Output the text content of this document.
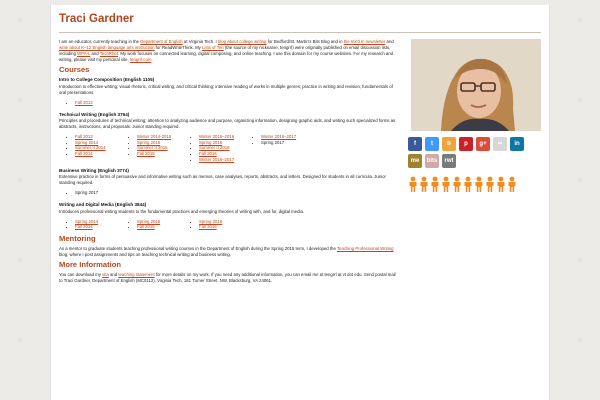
Traci Gardner

I am an educator, currently teaching in the Department of English at Virginia Tech. I blog about college writing for Bedford/St. Martin's Bits Blog and in the Ink'd In newsletter and write about K–12 English language arts instruction for ReadWriteThink. My Lists of Ten (the source of my nickname, tengrrl) were originally published on email discussion lists, including WPA-L and TechRhet. My work focuses on connected learning, digital composing, and online teaching. I use this domain for my course websites. For my research and writing, please visit my personal site, tengrrl.com.

Courses
Intro to College Composition (English 1105)
Introduction to effective writing; visual rhetoric, critical writing, and critical thinking; intensive reading of works in multiple genres; practice in writing and revision; fundamentals of oral presentations.
• Fall 2013
Technical Writing (English 3764)
Principles and procedures of technical writing; attention to analyzing audience and purpose, organizing information, designing graphic aids, and writing such specialized forms as abstracts, instructions, and proposals. Junior standing required.
• Fall 2013
• Spring 2014
• Summer II 2014
• Fall 2014
• Winter 2014-2015
• Spring 2015
• Summer II 2015
• Fall 2015
• Winter 2015–2016
• Spring 2016
• Summer II 2016
• Fall 2016
• Winter 2016–2017
• Winter 2016–2017
• Spring 2017
Business Writing (English 3774)
Extensive practice in forms of persuasive and informative writing such as memos, case analyses, reports, abstracts, and letters. Designed for students in all curricula. Junior standing required.
• Spring 2017
Writing and Digital Media (English 3844)
Introduces professional writing students to the fundamental practices and emerging theories of writing with, and for, digital media.
• Spring 2014
• Fall 2014
• Spring 2015
• Fall 2015
• Spring 2016
• Fall 2016
Mentoring

As a mentor to graduate students teaching professional writing courses in the Department of English during the Spring 2015 term, I developed the Teaching Professional Writing blog, where I post assignments and tips on teaching technical writing and business writing.

More Information

You can download my vita and teaching statement for more details on my work. If you need any additional information, you can email me at tengrrl at vt dot edu. Send postal mail to Traci Gardner, Department of English (MC0112), Virginia Tech, 181 Turner Street, NW, Blacksburg, VA 24061.

f	t	b	p	g+	••	in
me	bits	rwt
